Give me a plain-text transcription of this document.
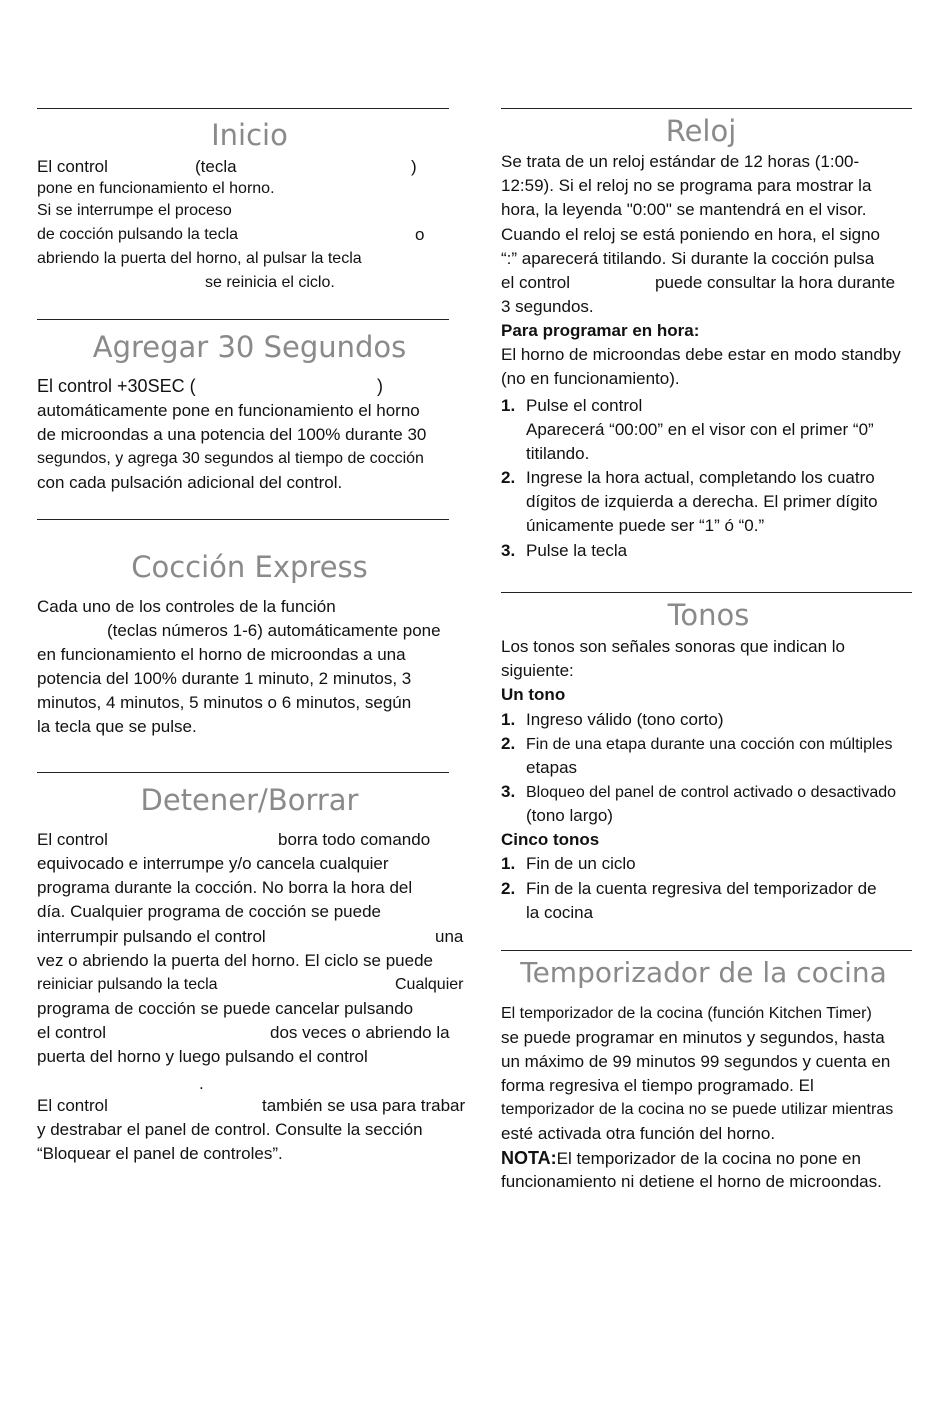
Inicio
El control	(tecla	)
pone en funcionamiento el horno.
Si se interrumpe el proceso
de cocción pulsando la tecla	o
abriendo la puerta del horno, al pulsar la tecla
se reinicia el ciclo.
Agregar 30 Segundos
El control +30SEC (	)
automáticamente pone en funcionamiento el horno
de microondas a una potencia del 100% durante 30
segundos, y agrega 30 segundos al tiempo de cocción
con cada pulsación adicional del control.
Cocción Express
Cada uno de los controles de la función
(teclas números 1-6) automáticamente pone
en funcionamiento el horno de microondas a una
potencia del 100% durante 1 minuto, 2 minutos, 3
minutos, 4 minutos, 5 minutos o 6 minutos, según
la tecla que se pulse.
Detener/Borrar
El control	borra todo comando
equivocado e interrumpe y/o cancela cualquier
programa durante la cocción. No borra la hora del
día. Cualquier programa de cocción se puede
interrumpir pulsando el control	una
vez o abriendo la puerta del horno. El ciclo se puede
reiniciar pulsando la tecla	Cualquier
programa de cocción se puede cancelar pulsando
el control	dos veces o abriendo la
puerta del horno y luego pulsando el control
.
El control	también se usa para trabar
y destrabar el panel de control. Consulte la sección
“Bloquear el panel de controles”.
Reloj
Se trata de un reloj estándar de 12 horas (1:00-
12:59). Si el reloj no se programa para mostrar la
hora, la leyenda "0:00" se mantendrá en el visor.
Cuando el reloj se está poniendo en hora, el signo
“:” aparecerá titilando. Si durante la cocción pulsa
el control	puede consultar la hora durante
3 segundos.
Para programar en hora:
El horno de microondas debe estar en modo standby
(no en funcionamiento).
1. Pulse el control
Aparecerá “00:00” en el visor con el primer “0”
titilando.
2. Ingrese la hora actual, completando los cuatro
dígitos de izquierda a derecha. El primer dígito
únicamente puede ser “1” ó “0.”
3. Pulse la tecla
Tonos
Los tonos son señales sonoras que indican lo
siguiente:
Un tono
1. Ingreso válido (tono corto)
2. Fin de una etapa durante una cocción con múltiples
etapas
3. Bloqueo del panel de control activado o desactivado
(tono largo)
Cinco tonos
1. Fin de un ciclo
2. Fin de la cuenta regresiva del temporizador de
la cocina
Temporizador de la cocina
El temporizador de la cocina (función Kitchen Timer)
se puede programar en minutos y segundos, hasta
un máximo de 99 minutos 99 segundos y cuenta en
forma regresiva el tiempo programado. El
temporizador de la cocina no se puede utilizar mientras
esté activada otra función del horno.
NOTA:El temporizador de la cocina no pone en
funcionamiento ni detiene el horno de microondas.
